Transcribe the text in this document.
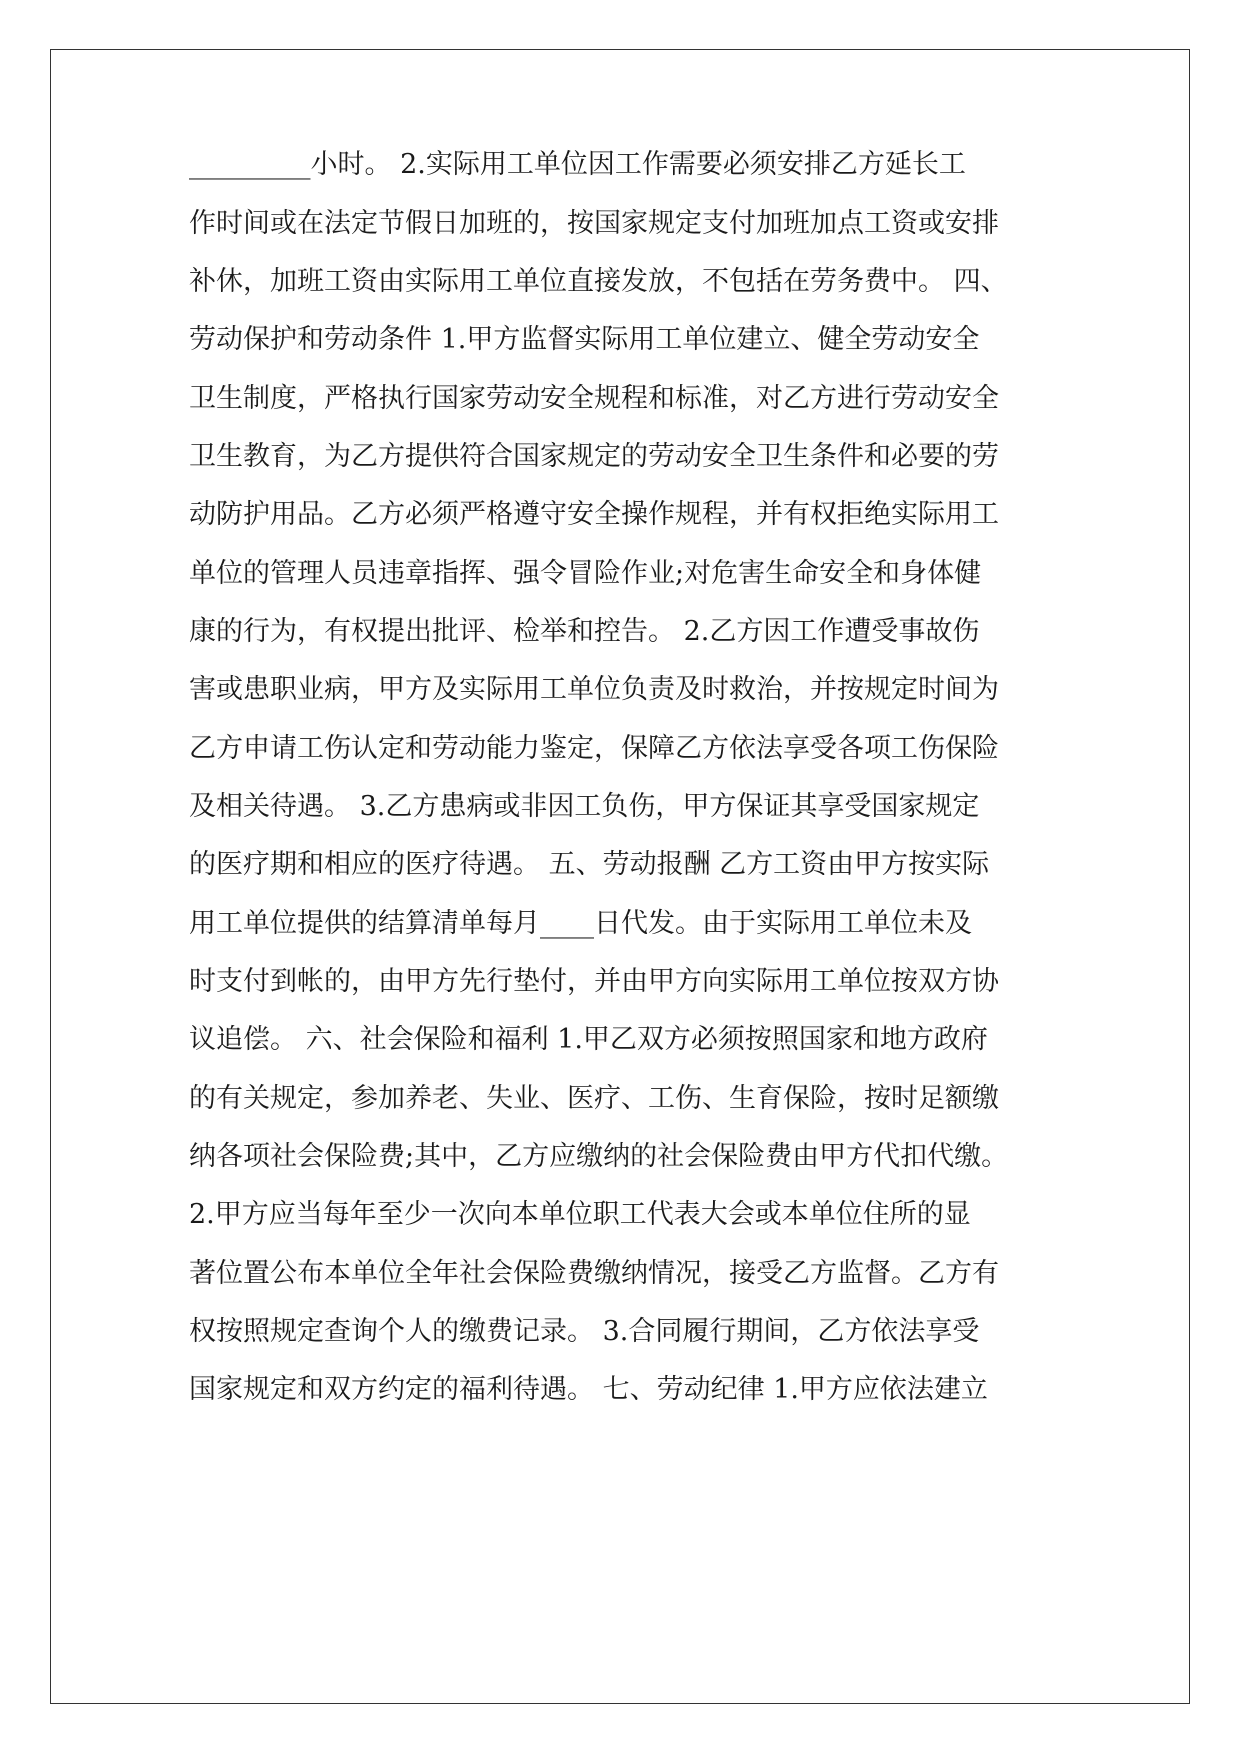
_________小时。 2.实际用工单位因工作需要必须安排乙方延长工
作时间或在法定节假日加班的，按国家规定支付加班加点工资或安排
补休，加班工资由实际用工单位直接发放，不包括在劳务费中。 四、
劳动保护和劳动条件 1.甲方监督实际用工单位建立、健全劳动安全
卫生制度，严格执行国家劳动安全规程和标准，对乙方进行劳动安全
卫生教育，为乙方提供符合国家规定的劳动安全卫生条件和必要的劳
动防护用品。乙方必须严格遵守安全操作规程，并有权拒绝实际用工
单位的管理人员违章指挥、强令冒险作业;对危害生命安全和身体健
康的行为，有权提出批评、检举和控告。 2.乙方因工作遭受事故伤
害或患职业病，甲方及实际用工单位负责及时救治，并按规定时间为
乙方申请工伤认定和劳动能力鉴定，保障乙方依法享受各项工伤保险
及相关待遇。 3.乙方患病或非因工负伤，甲方保证其享受国家规定
的医疗期和相应的医疗待遇。 五、劳动报酬 乙方工资由甲方按实际
用工单位提供的结算清单每月____日代发。由于实际用工单位未及
时支付到帐的，由甲方先行垫付，并由甲方向实际用工单位按双方协
议追偿。 六、社会保险和福利 1.甲乙双方必须按照国家和地方政府
的有关规定，参加养老、失业、医疗、工伤、生育保险，按时足额缴
纳各项社会保险费;其中，乙方应缴纳的社会保险费由甲方代扣代缴。
2.甲方应当每年至少一次向本单位职工代表大会或本单位住所的显
著位置公布本单位全年社会保险费缴纳情况，接受乙方监督。乙方有
权按照规定查询个人的缴费记录。 3.合同履行期间，乙方依法享受
国家规定和双方约定的福利待遇。 七、劳动纪律 1.甲方应依法建立
